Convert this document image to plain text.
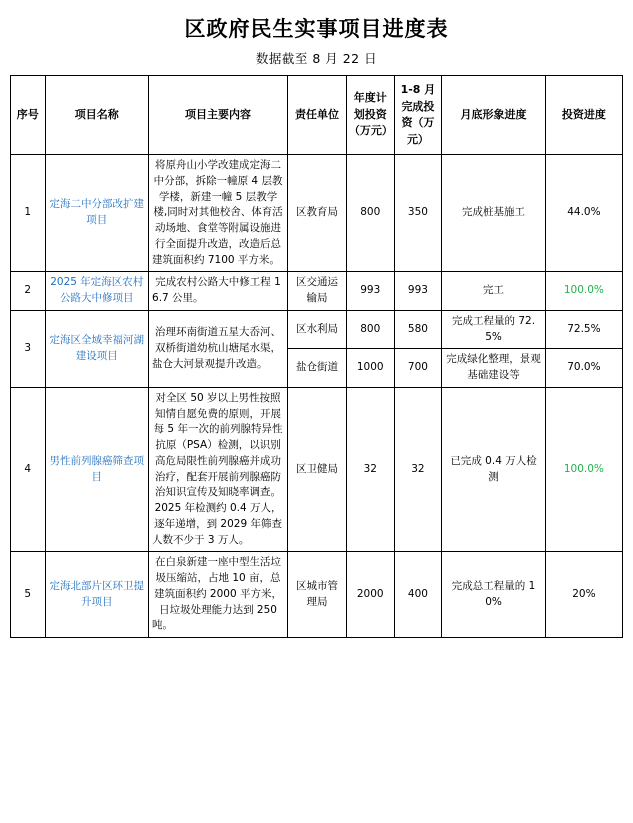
区政府民生实事项目进度表
数据截至 8 月 22 日
序号	项目名称	项目主要内容	责任单位	年度计划投资（万元）	1-8 月完成投资（万元）	月底形象进度	投资进度
1	定海二中分部改扩建项目	将原舟山小学改建成定海二中分部，拆除一幢原 4 层教学楼，新建一幢 5 层教学楼,同时对其他校舍、体育活动场地、食堂等附属设施进行全面提升改造，改造后总建筑面积约 7100 平方米。	区教育局	800	350	完成桩基施工	44.0%
2	2025 年定海区农村公路大中修项目	完成农村公路大中修工程 16.7 公里。	区交通运输局	993	993	完工	100.0%
3	定海区全域幸福河湖建设项目	治理环南街道五星大岙河、双桥街道幼杭山塘尾水渠，盐仓大河景观提升改造。	区水利局	800	580	完成工程量的 72.5%	72.5%
			盐仓街道	1000	700	完成绿化整理，景观基础建设等	70.0%
4	男性前列腺癌筛查项目	对全区 50 岁以上男性按照知情自愿免费的原则，开展每 5 年一次的前列腺特异性抗原（PSA）检测，以识别高危局限性前列腺癌并成功治疗，配套开展前列腺癌防治知识宣传及知晓率调查。2025 年检测约 0.4 万人，逐年递增，到 2029 年筛查人数不少于 3 万人。	区卫健局	32	32	已完成 0.4 万人检测	100.0%
5	定海北部片区环卫提升项目	在白泉新建一座中型生活垃圾压缩站，占地 10 亩，总建筑面积约 2000 平方米，日垃圾处理能力达到 250 吨。	区城市管理局	2000	400	完成总工程量的 10%	20%
